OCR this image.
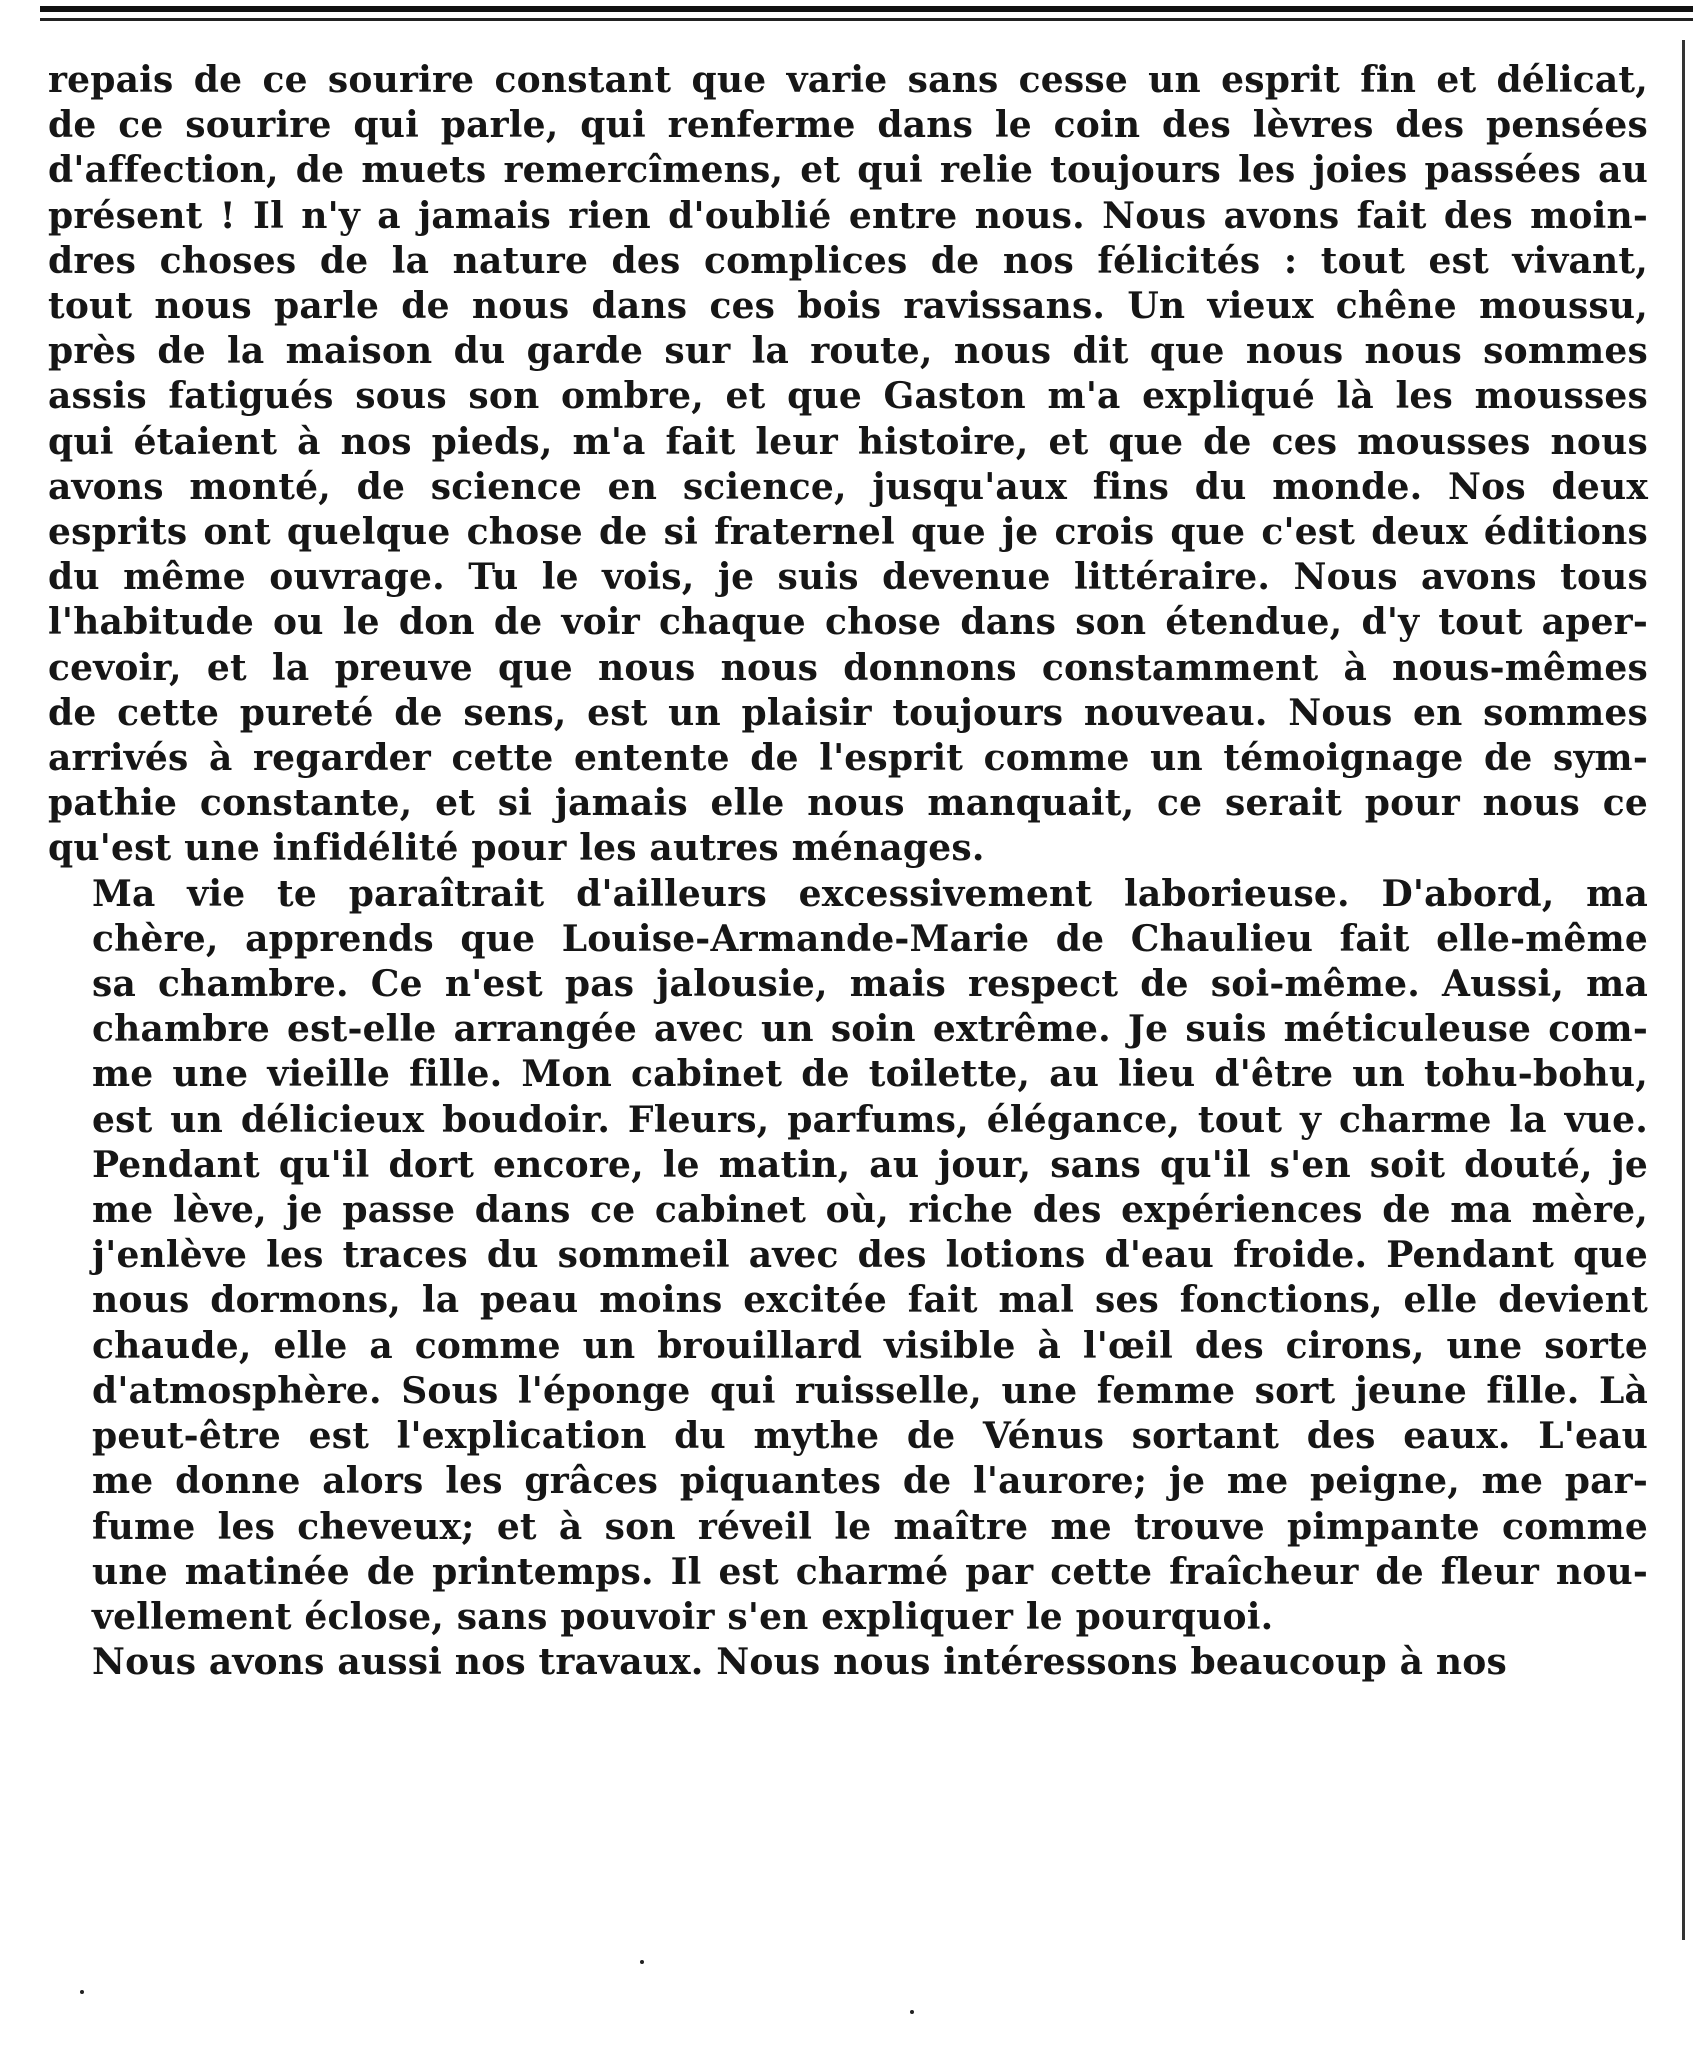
repais de ce sourire constant que varie sans cesse un esprit fin et délicat,
de ce sourire qui parle, qui renferme dans le coin des lèvres des pensées
d'affection, de muets remercîmens, et qui relie toujours les joies passées au
présent ! Il n'y a jamais rien d'oublié entre nous. Nous avons fait des moin-
dres choses de la nature des complices de nos félicités : tout est vivant,
tout nous parle de nous dans ces bois ravissans. Un vieux chêne moussu,
près de la maison du garde sur la route, nous dit que nous nous sommes
assis fatigués sous son ombre, et que Gaston m'a expliqué là les mousses
qui étaient à nos pieds, m'a fait leur histoire, et que de ces mousses nous
avons monté, de science en science, jusqu'aux fins du monde. Nos deux
esprits ont quelque chose de si fraternel que je crois que c'est deux éditions
du même ouvrage. Tu le vois, je suis devenue littéraire. Nous avons tous
l'habitude ou le don de voir chaque chose dans son étendue, d'y tout aper-
cevoir, et la preuve que nous nous donnons constamment à nous-mêmes
de cette pureté de sens, est un plaisir toujours nouveau. Nous en sommes
arrivés à regarder cette entente de l'esprit comme un témoignage de sym-
pathie constante, et si jamais elle nous manquait, ce serait pour nous ce
qu'est une infidélité pour les autres ménages.
Ma vie te paraîtrait d'ailleurs excessivement laborieuse. D'abord, ma
chère, apprends que Louise-Armande-Marie de Chaulieu fait elle-même
sa chambre. Ce n'est pas jalousie, mais respect de soi-même. Aussi, ma
chambre est-elle arrangée avec un soin extrême. Je suis méticuleuse com-
me une vieille fille. Mon cabinet de toilette, au lieu d'être un tohu-bohu,
est un délicieux boudoir. Fleurs, parfums, élégance, tout y charme la vue.
Pendant qu'il dort encore, le matin, au jour, sans qu'il s'en soit douté, je
me lève, je passe dans ce cabinet où, riche des expériences de ma mère,
j'enlève les traces du sommeil avec des lotions d'eau froide. Pendant que
nous dormons, la peau moins excitée fait mal ses fonctions, elle devient
chaude, elle a comme un brouillard visible à l'œil des cirons, une sorte
d'atmosphère. Sous l'éponge qui ruisselle, une femme sort jeune fille. Là
peut-être est l'explication du mythe de Vénus sortant des eaux. L'eau
me donne alors les grâces piquantes de l'aurore; je me peigne, me par-
fume les cheveux; et à son réveil le maître me trouve pimpante comme
une matinée de printemps. Il est charmé par cette fraîcheur de fleur nou-
vellement éclose, sans pouvoir s'en expliquer le pourquoi.
Nous avons aussi nos travaux. Nous nous intéressons beaucoup à nos
